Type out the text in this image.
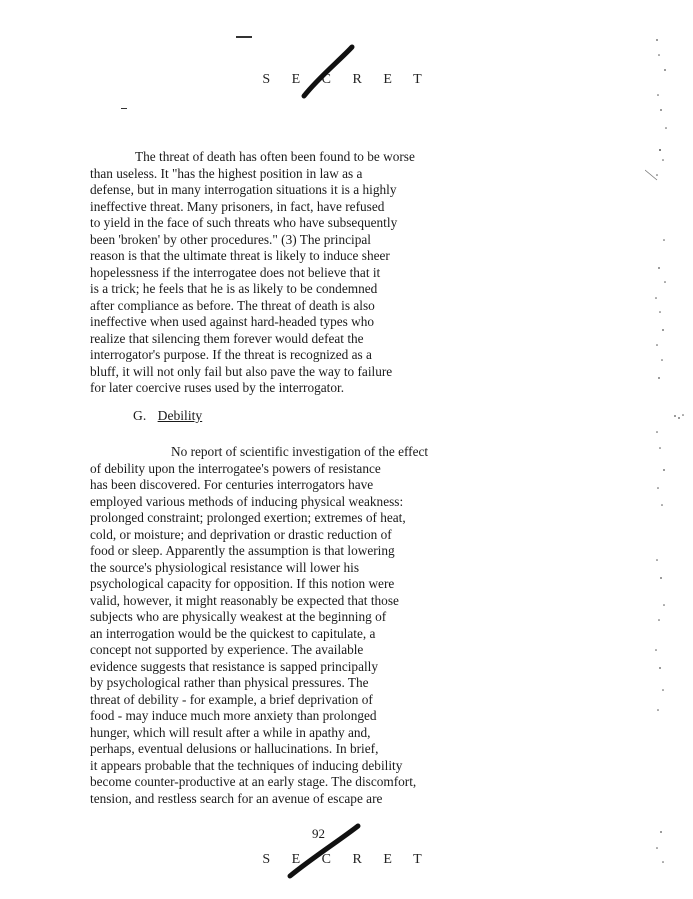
S E C R E T

The threat of death has often been found to be worse

than useless. It "has the highest position in law as a

defense, but in many interrogation situations it is a highly

ineffective threat. Many prisoners, in fact, have refused

to yield in the face of such threats who have subsequently

been 'broken' by other procedures." (3) The principal

reason is that the ultimate threat is likely to induce sheer

hopelessness if the interrogatee does not believe that it

is a trick; he feels that he is as likely to be condemned

after compliance as before. The threat of death is also

ineffective when used against hard-headed types who

realize that silencing them forever would defeat the

interrogator's purpose. If the threat is recognized as a

bluff, it will not only fail but also pave the way to failure

for later coercive ruses used by the interrogator.

G. Debility

No report of scientific investigation of the effect

of debility upon the interrogatee's powers of resistance

has been discovered. For centuries interrogators have

employed various methods of inducing physical weakness:

prolonged constraint; prolonged exertion; extremes of heat,

cold, or moisture; and deprivation or drastic reduction of

food or sleep. Apparently the assumption is that lowering

the source's physiological resistance will lower his

psychological capacity for opposition. If this notion were

valid, however, it might reasonably be expected that those

subjects who are physically weakest at the beginning of

an interrogation would be the quickest to capitulate, a

concept not supported by experience. The available

evidence suggests that resistance is sapped principally

by psychological rather than physical pressures. The

threat of debility - for example, a brief deprivation of

food - may induce much more anxiety than prolonged

hunger, which will result after a while in apathy and,

perhaps, eventual delusions or hallucinations. In brief,

it appears probable that the techniques of inducing debility

become counter-productive at an early stage. The discomfort,

tension, and restless search for an avenue of escape are

92
S E C R E T
